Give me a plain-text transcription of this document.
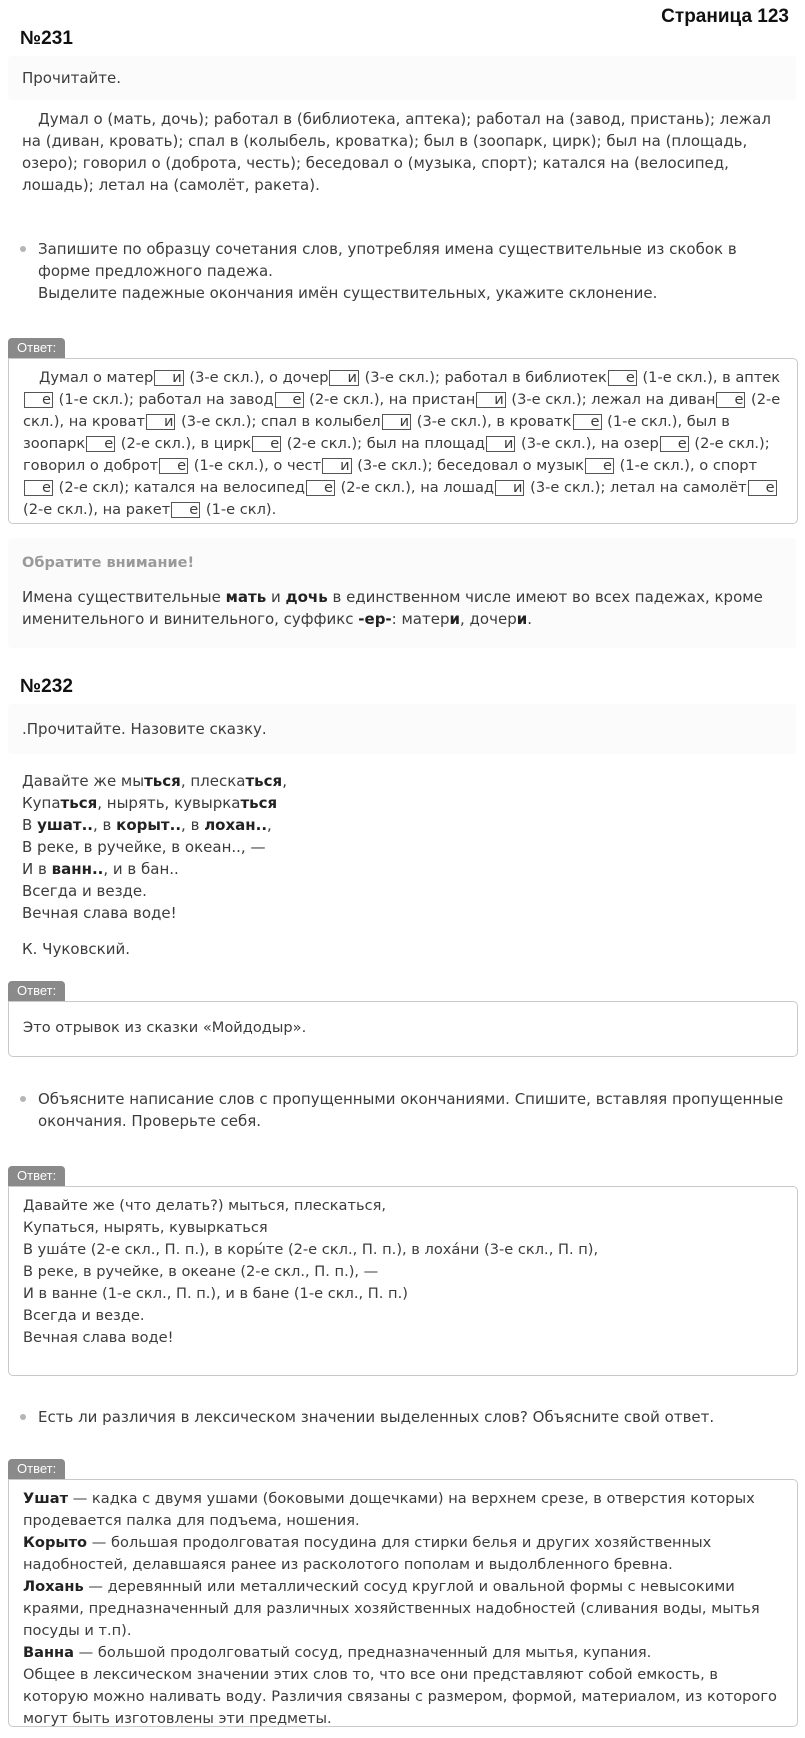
Страница 123
№231
Прочитайте.

Думал о (мать, дочь); работал в (библиотека, аптека); работал на (завод, пристань); лежал на (диван, кровать); спал в (колыбель, кроватка); был в (зоопарк, цирк); был на (площадь, озеро); говорил о (доброта, честь); беседовал о (музыка, спорт); катался на (велосипед, лошадь); летал на (самолёт, ракета).

Запишите по образцу сочетания слов, употребляя имена существительные из скобок в форме предложного падежа.
Выделите падежные окончания имён существительных, укажите склонение.
Ответ:

Думал о матер и (3-е скл.), о дочер и (3-е скл.); работал в библиотек е (1-е скл.), в аптеке (1-е скл.); работал на завод е (2-е скл.), на пристан и (3-е скл.); лежал на диван е (2-е скл.), на кроват и (3-е скл.); спал в колыбел и (3-е скл.), в кроватк е (1-е скл.), был в зоопарк е (2-е скл.), в цирк е (2-е скл.); был на площад и (3-е скл.), на озер е (2-е скл.); говорил о доброт е (1-е скл.), о чест и (3-е скл.); беседовал о музык е (1-е скл.), о спорте (2-е скл); катался на велосипед е (2-е скл.), на лошад и (3-е скл.); летал на самолёт е (2-е скл.), на ракет е (1-е скл).

Обратите внимание!

Имена существительные мать и дочь в единственном числе имеют во всех падежах, кроме именительного и винительного, суффикс -ер-: матери, дочери.

№232
.Прочитайте. Назовите сказку.
Давайте же мыться, плескаться,
Купаться, нырять, кувыркаться
В ушат.., в корыт.., в лохан..,
В реке, в ручейке, в океан.., —
И в ванн.., и в бан..
Всегда и везде.
Вечная слава воде!
К. Чуковский.
Ответ:
Это отрывок из сказки «Мойдодыр».
Объясните написание слов с пропущенными окончаниями. Спишите, вставляя пропущенные окончания. Проверьте себя.
Ответ:
Давайте же (что делать?) мыться, плескаться,
Купаться, нырять, кувыркаться
В уша́те (2-е скл., П. п.), в коры́те (2-е скл., П. п.), в лоха́ни (3-е скл., П. п),
В реке, в ручейке, в океане (2-е скл., П. п.), —
И в ванне (1-е скл., П. п.), и в бане (1-е скл., П. п.)
Всегда и везде.
Вечная слава воде!
Есть ли различия в лексическом значении выделенных слов? Объясните свой ответ.
Ответ:
Ушат — кадка с двумя ушами (боковыми дощечками) на верхнем срезе, в отверстия которых продевается палка для подъема, ношения.
Корыто — большая продолговатая посудина для стирки белья и других хозяйственных надобностей, делавшаяся ранее из расколотого пополам и выдолбленного бревна.
Лохань — деревянный или металлический сосуд круглой и овальной формы с невысокими краями, предназначенный для различных хозяйственных надобностей (сливания воды, мытья посуды и т.п).
Ванна — большой продолговатый сосуд, предназначенный для мытья, купания.
Общее в лексическом значении этих слов то, что все они представляют собой емкость, в которую можно наливать воду. Различия связаны с размером, формой, материалом, из которого могут быть изготовлены эти предметы.
